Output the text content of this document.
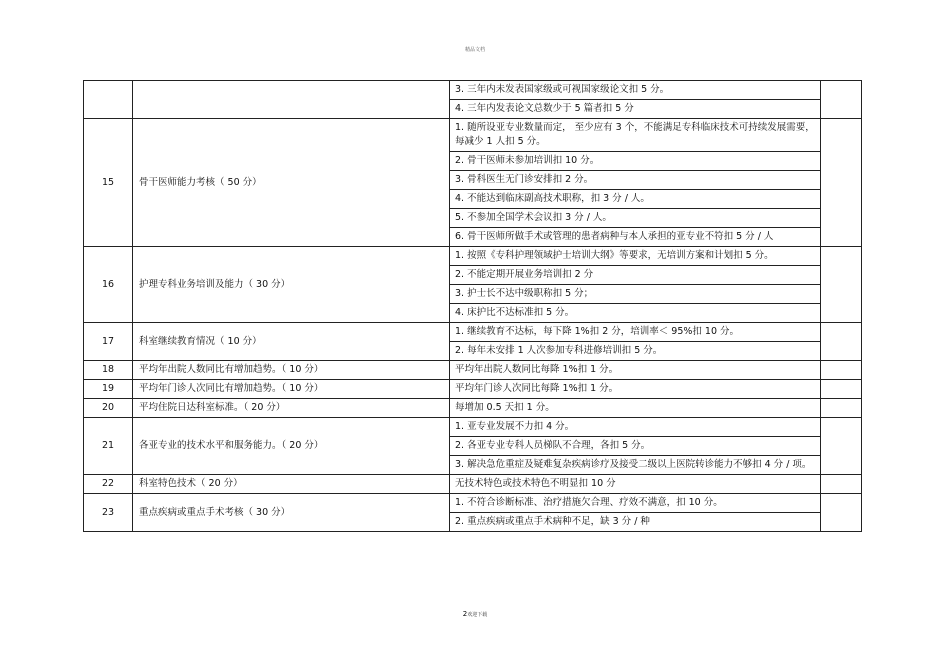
精品文档
		3. 三年内未发表国家级或可视国家级论文扣 5 分。	
		4. 三年内发表论文总数少于 5 篇者扣 5 分	
15	骨干医师能力考核（ 50 分）	1. 随所设亚专业数量而定， 至少应有 3 个，不能满足专科临床技术可持续发展需要，每减少 1 人扣 5 分。	
		2. 骨干医师未参加培训扣 10 分。	
		3. 骨科医生无门诊安排扣 2 分。	
		4. 不能达到临床副高技术职称，扣 3 分 / 人。	
		5. 不参加全国学术会议扣 3 分 / 人。	
		6. 骨干医师所做手术或管理的患者病种与本人承担的亚专业不符扣 5 分 / 人	
16	护理专科业务培训及能力（ 30 分）	1. 按照《专科护理领域护士培训大纲》等要求，无培训方案和计划扣 5 分。	
		2. 不能定期开展业务培训扣 2 分	
		3. 护士长不达中级职称扣 5 分；	
		4. 床护比不达标准扣 5 分。	
17	科室继续教育情况（ 10 分）	1. 继续教育不达标，每下降 1%扣 2 分，培训率＜ 95%扣 10 分。	
		2. 每年未安排 1 人次参加专科进修培训扣 5 分。	
18	平均年出院人数同比有增加趋势。（ 10 分）	平均年出院人数同比每降 1%扣 1 分。	
19	平均年门诊人次同比有增加趋势。（ 10 分）	平均年门诊人次同比每降 1%扣 1 分。	
20	平均住院日达科室标准。（ 20 分）	每增加 0.5 天扣 1 分。	
21	各亚专业的技术水平和服务能力。（ 20 分）	1. 亚专业发展不力扣 4 分。	
		2. 各亚专业专科人员梯队不合理，各扣 5 分。	
		3. 解决急危重症及疑难复杂疾病诊疗及接受二级以上医院转诊能力不够扣 4 分 / 项。	
22	科室特色技术（ 20 分）	无技术特色或技术特色不明显扣 10 分	
23	重点疾病或重点手术考核（ 30 分）	1. 不符合诊断标准、治疗措施欠合理、疗效不满意，扣 10 分。	
		2. 重点疾病或重点手术病种不足，缺 3 分 / 种	
2欢迎下载
